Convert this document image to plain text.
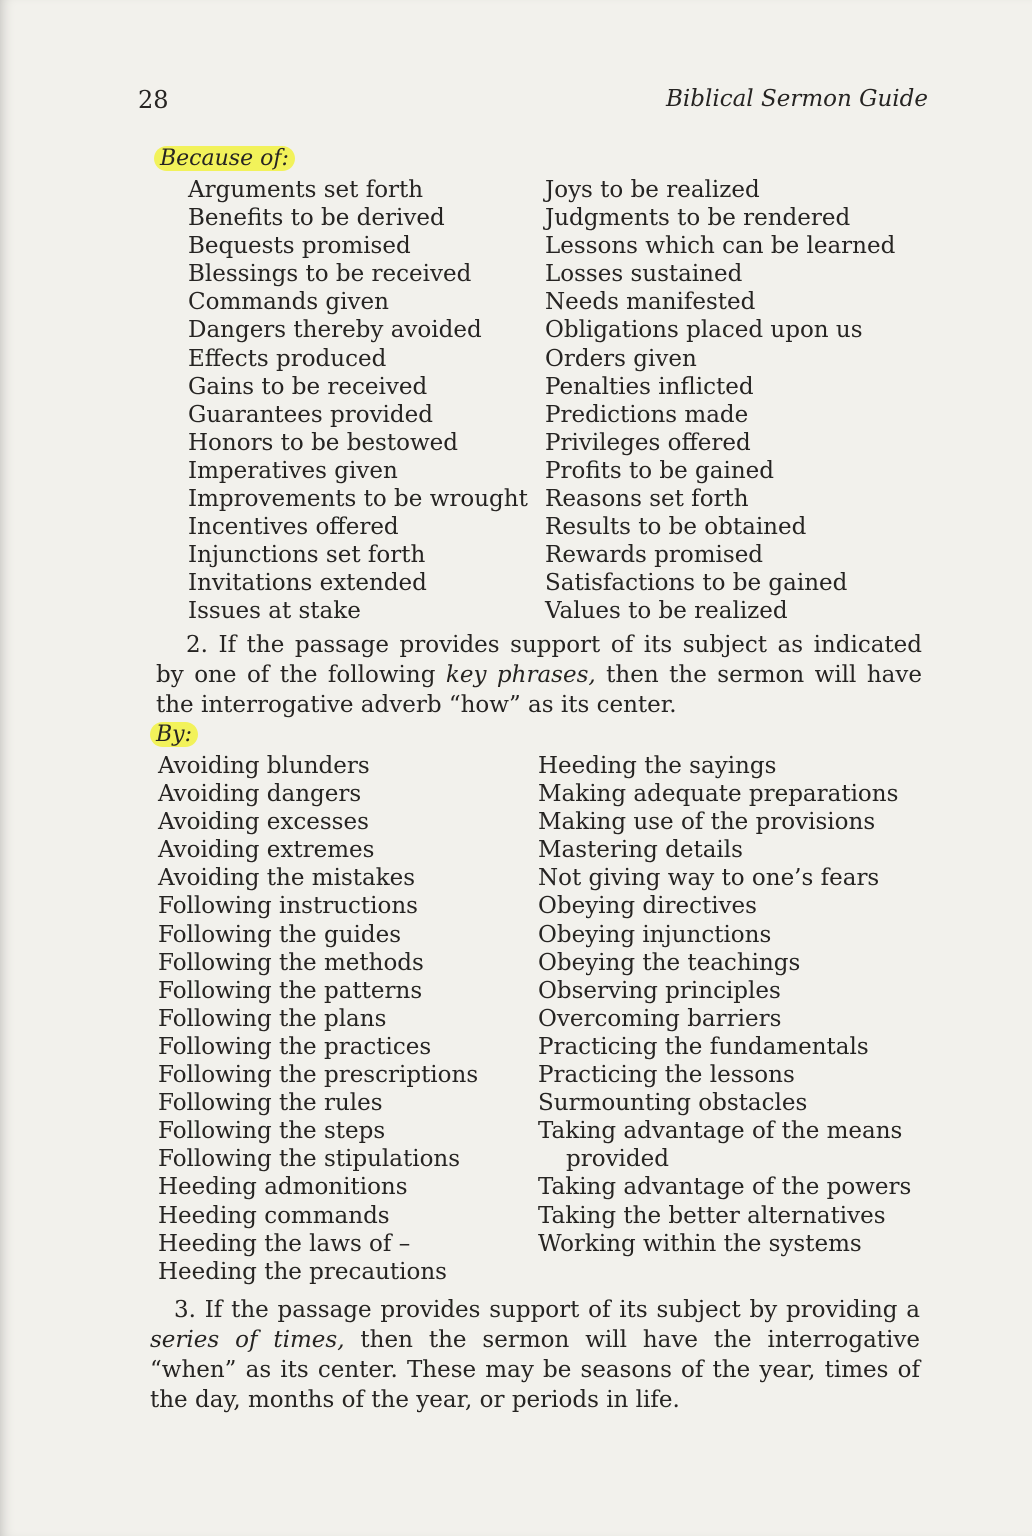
28	Biblical Sermon Guide
Because of:
Arguments set forth
Benefits to be derived
Bequests promised
Blessings to be received
Commands given
Dangers thereby avoided
Effects produced
Gains to be received
Guarantees provided
Honors to be bestowed
Imperatives given
Improvements to be wrought
Incentives offered
Injunctions set forth
Invitations extended
Issues at stake
Joys to be realized
Judgments to be rendered
Lessons which can be learned
Losses sustained
Needs manifested
Obligations placed upon us
Orders given
Penalties inflicted
Predictions made
Privileges offered
Profits to be gained
Reasons set forth
Results to be obtained
Rewards promised
Satisfactions to be gained
Values to be realized

2. If the passage provides support of its subject as indicated by one of the following key phrases, then the sermon will have the interrogative adverb “how” as its center.

By:
Avoiding blunders
Avoiding dangers
Avoiding excesses
Avoiding extremes
Avoiding the mistakes
Following instructions
Following the guides
Following the methods
Following the patterns
Following the plans
Following the practices
Following the prescriptions
Following the rules
Following the steps
Following the stipulations
Heeding admonitions
Heeding commands
Heeding the laws of –
Heeding the precautions
Heeding the sayings
Making adequate preparations
Making use of the provisions
Mastering details
Not giving way to one’s fears
Obeying directives
Obeying injunctions
Obeying the teachings
Observing principles
Overcoming barriers
Practicing the fundamentals
Practicing the lessons
Surmounting obstacles
Taking advantage of the means
provided
Taking advantage of the powers
Taking the better alternatives
Working within the systems

3. If the passage provides support of its subject by providing a series of times, then the sermon will have the interrogative “when” as its center. These may be seasons of the year, times of the day, months of the year, or periods in life.
